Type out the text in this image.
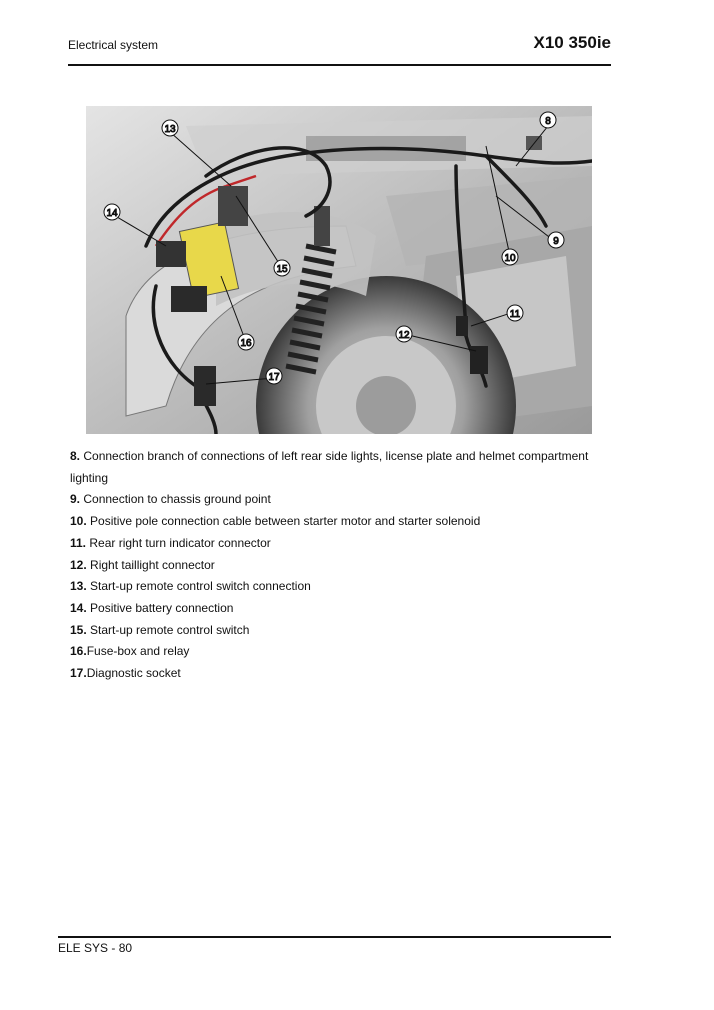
Electrical system	X10 350ie
13
14
15
16
17
8
9
10
11
12
8. Connection branch of connections of left rear side lights, license plate and helmet compartment lighting
9. Connection to chassis ground point
10. Positive pole connection cable between starter motor and starter solenoid
11. Rear right turn indicator connector
12. Right taillight connector
13. Start-up remote control switch connection
14. Positive battery connection
15. Start-up remote control switch
16.Fuse-box and relay
17.Diagnostic socket
ELE SYS - 80
